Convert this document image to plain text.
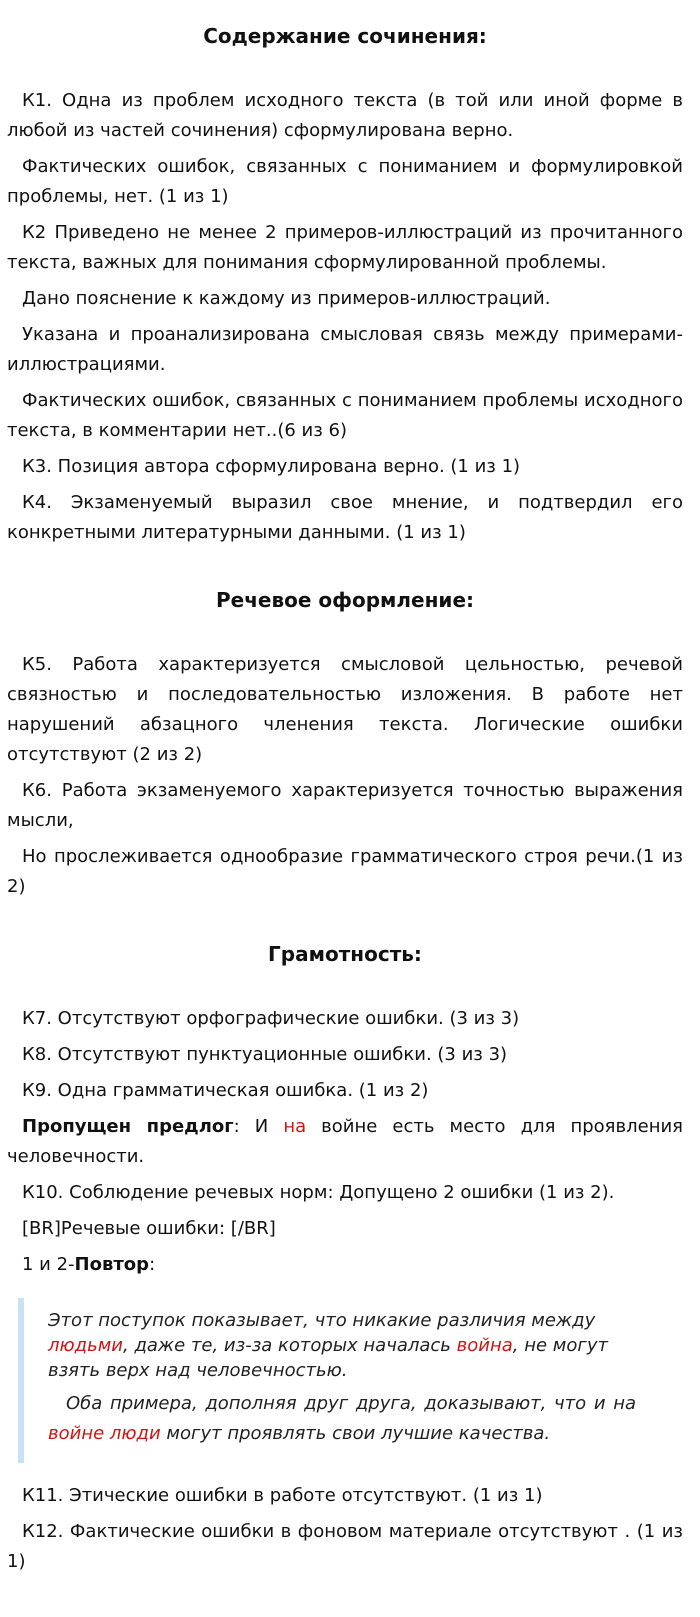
Содержание сочинения:

К1. Одна из проблем исходного текста (в той или иной форме в любой из частей сочинения) сформулирована верно.

Фактических ошибок, связанных с пониманием и формулировкой проблемы, нет. (1 из 1)

К2 Приведено не менее 2 примеров-иллюстраций из прочитанного текста, важных для понимания сформулированной проблемы.

Дано пояснение к каждому из примеров-иллюстраций.

Указана и проанализирована смысловая связь между примерами-иллюстрациями.

Фактических ошибок, связанных с пониманием проблемы исходного текста, в комментарии нет..(6 из 6)

К3. Позиция автора сформулирована верно. (1 из 1)

К4. Экзаменуемый выразил свое мнение, и подтвердил его конкретными литературными данными. (1 из 1)

Речевое оформление:

К5. Работа характеризуется смысловой цельностью, речевой связностью и последовательностью изложения. В работе нет нарушений абзацного членения текста. Логические ошибки отсутствуют (2 из 2)

К6. Работа экзаменуемого характеризуется точностью выражения мысли,

Но прослеживается однообразие грамматического строя речи.(1 из 2)

Грамотность:

К7. Отсутствуют орфографические ошибки. (3 из 3)

К8. Отсутствуют пунктуационные ошибки. (3 из 3)

К9. Одна грамматическая ошибка. (1 из 2)

Пропущен предлог: И на войне есть место для проявления человечности.

К10. Соблюдение речевых норм: Допущено 2 ошибки (1 из 2).

[BR]Речевые ошибки: [/BR]

1 и 2-Повтор:

Этот поступок показывает, что никакие различия между людьми, даже те, из-за которых началась война, не могут взять верх над человечностью.

Оба примера, дополняя друг друга, доказывают, что и на войне люди могут проявлять свои лучшие качества.

К11. Этические ошибки в работе отсутствуют. (1 из 1)

К12. Фактические ошибки в фоновом материале отсутствуют . (1 из 1)
